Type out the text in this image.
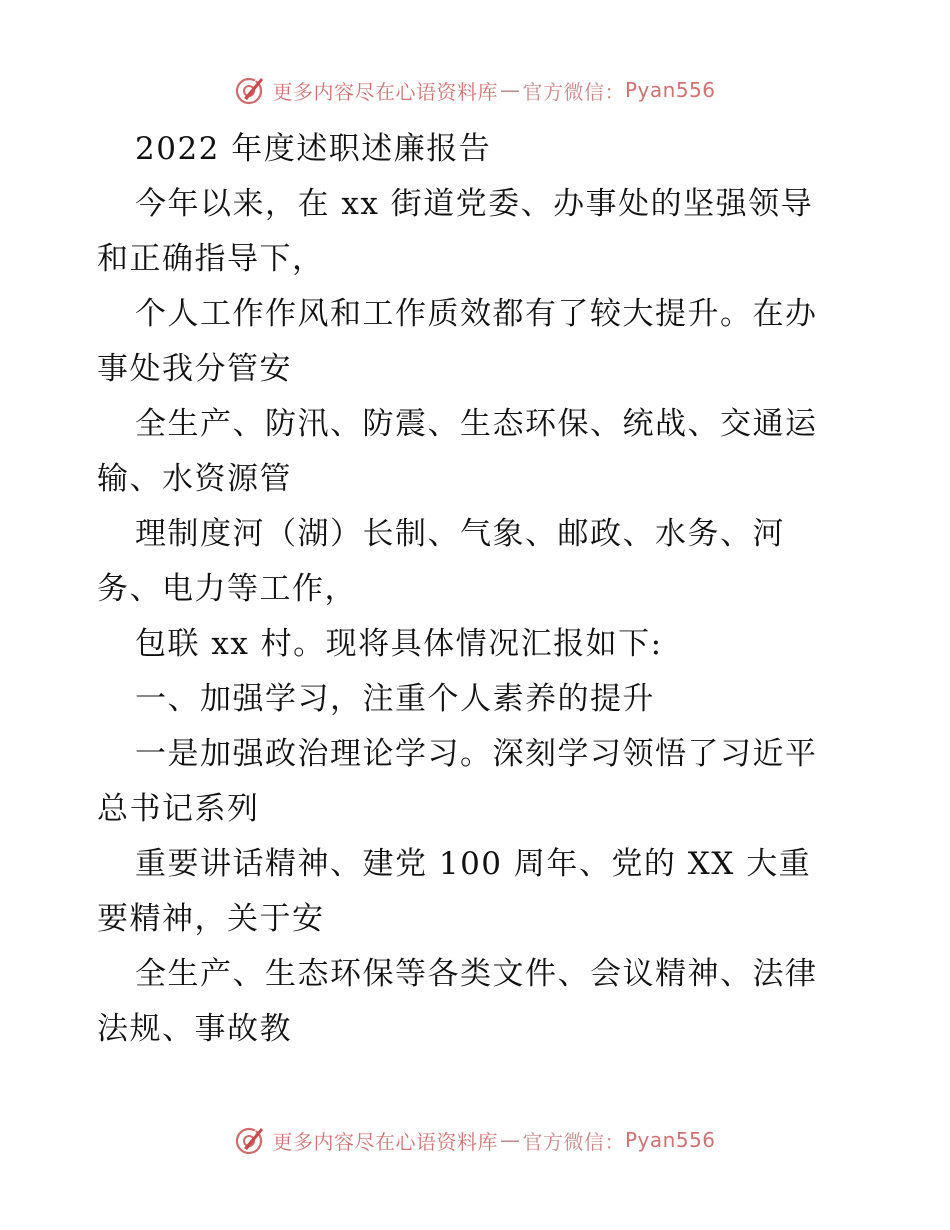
更多内容尽在心语资料库 — 官方微信： Pyan556
2022 年度述职述廉报告
今年以来，在 xx 街道党委、办事处的坚强领导
和正确指导下，
个人工作作风和工作质效都有了较大提升。在办
事处我分管安
全生产、防汛、防震、生态环保、统战、交通运
输、水资源管
理制度河（湖）长制、气象、邮政、水务、河
务、电力等工作，
包联 xx 村。现将具体情况汇报如下:
一、加强学习，注重个人素养的提升
一是加强政治理论学习。深刻学习领悟了习近平
总书记系列
重要讲话精神、建党 100 周年、党的 XX 大重
要精神，关于安
全生产、生态环保等各类文件、会议精神、法律
法规、事故教
更多内容尽在心语资料库 — 官方微信： Pyan556
